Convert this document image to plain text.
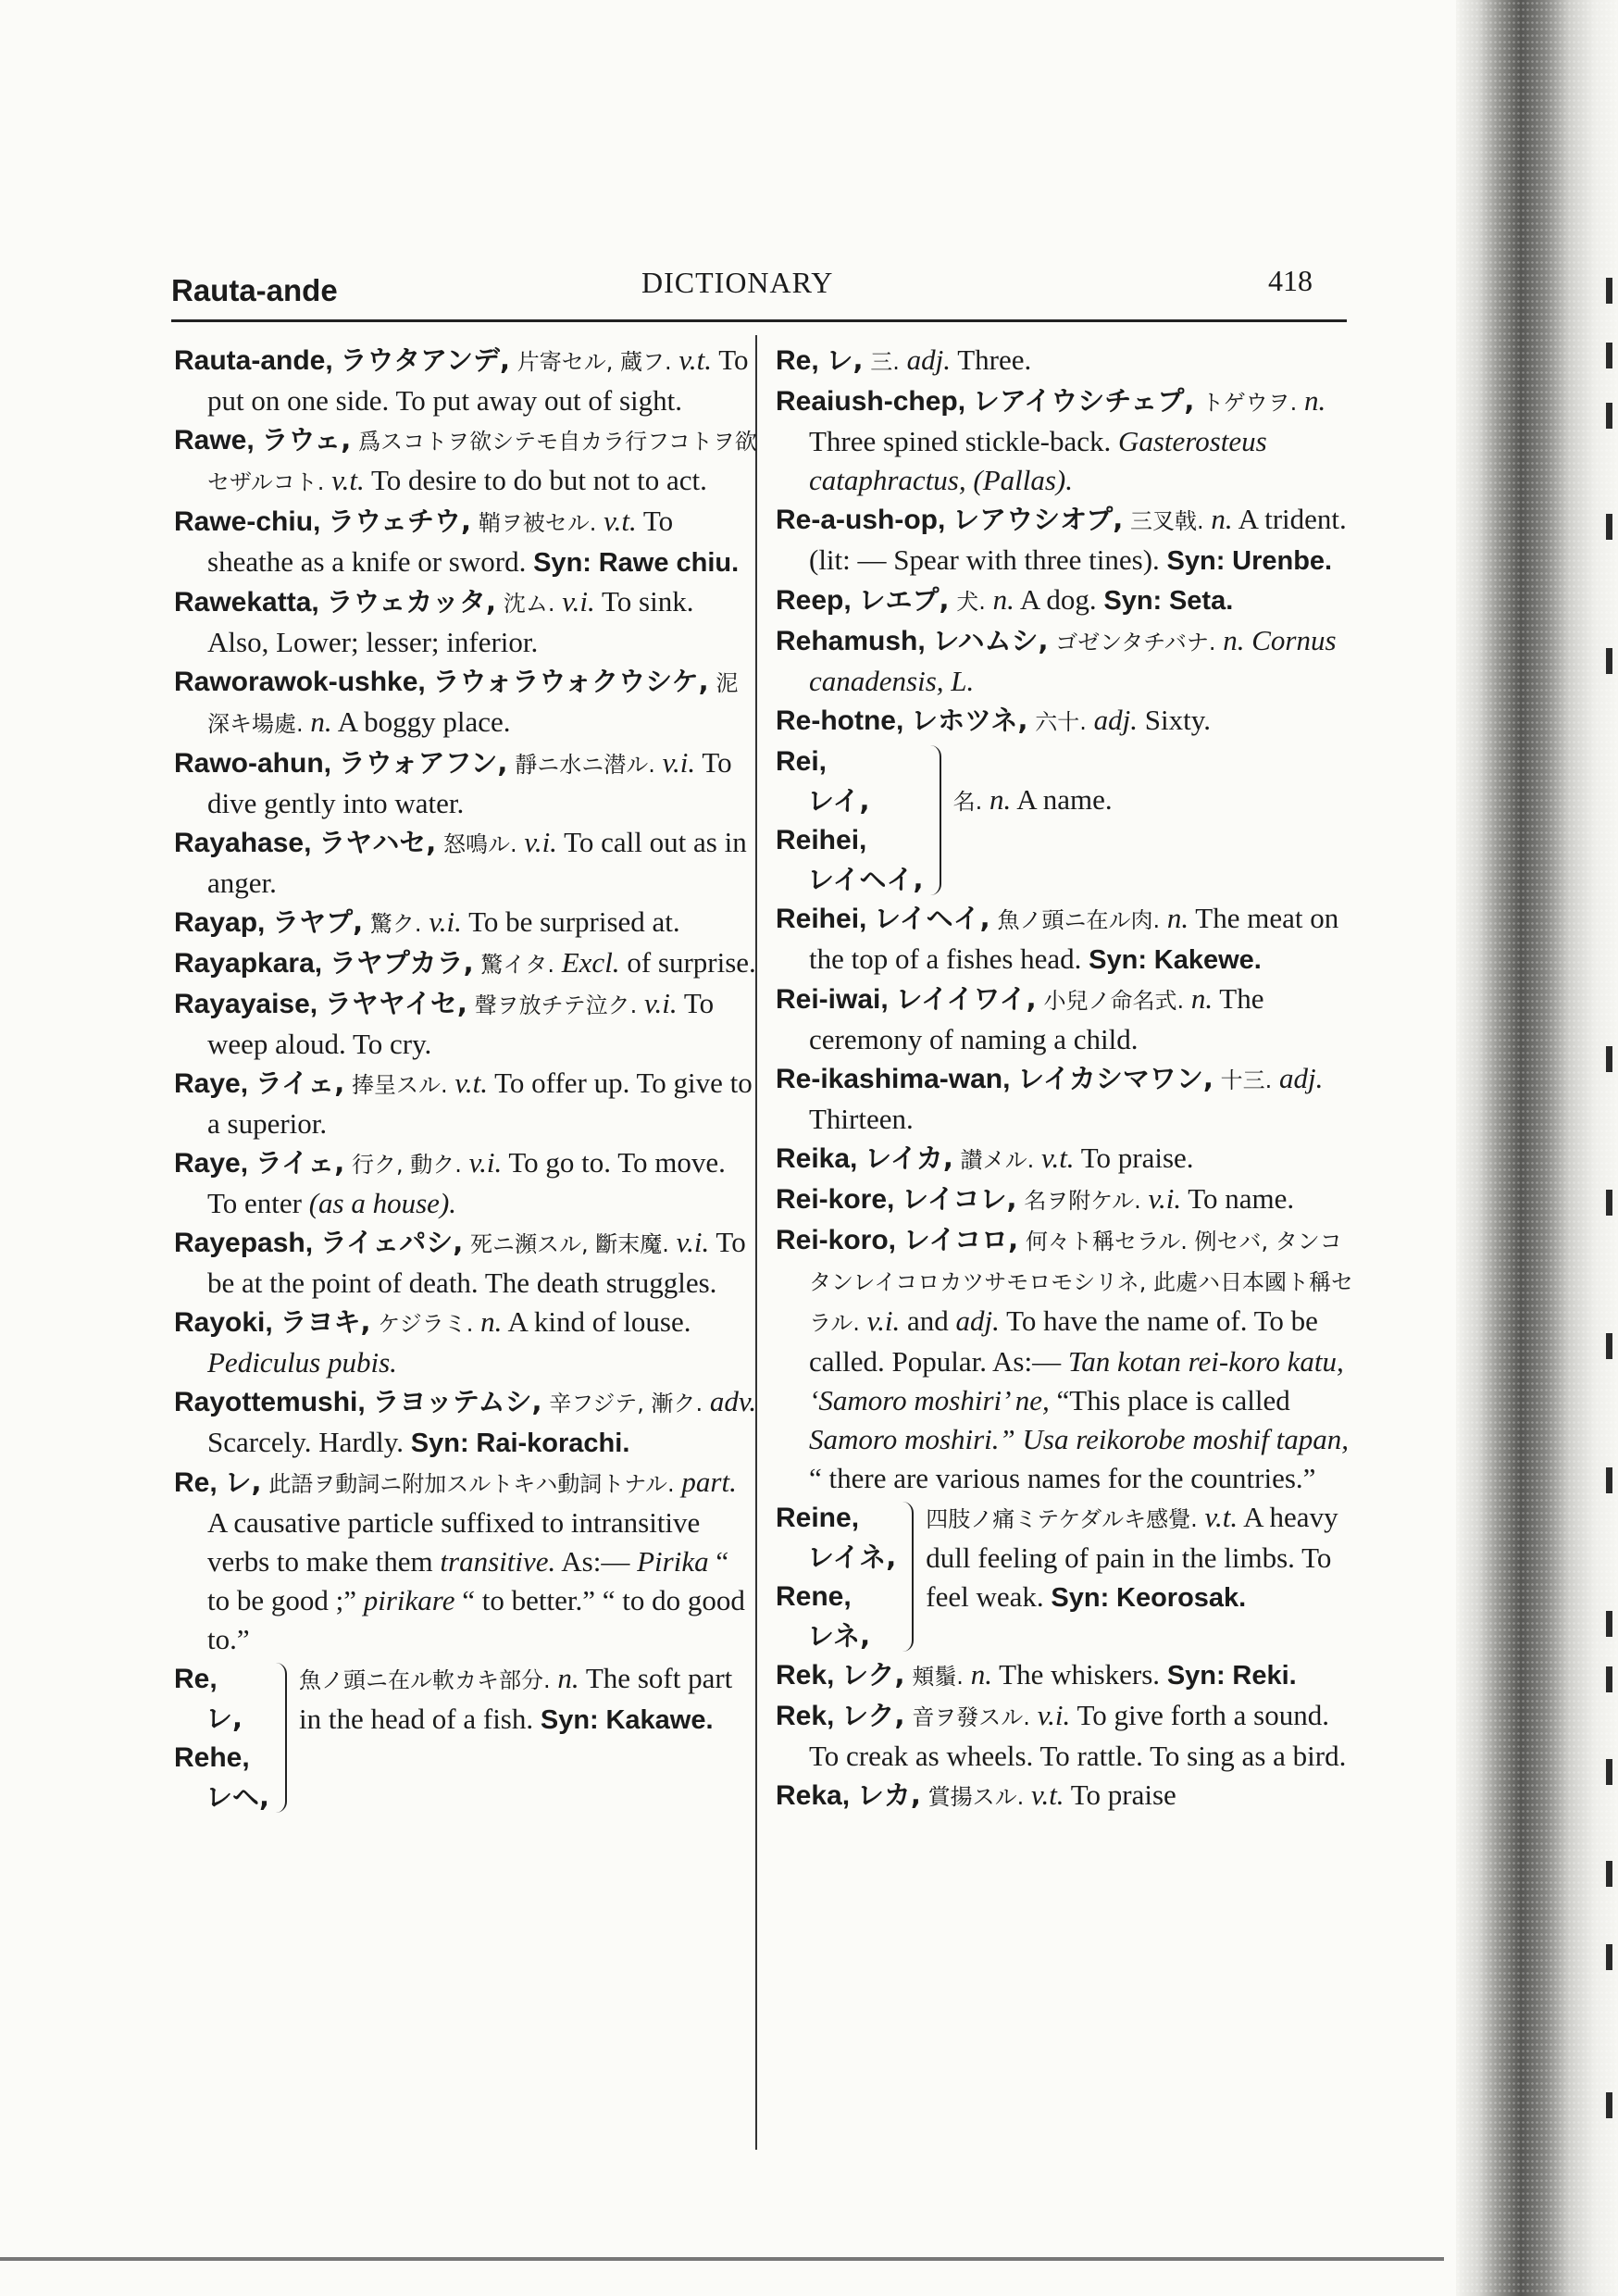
Rauta-ande	DICTIONARY	418

Rauta-ande, ラウタアンデ, 片寄セル, 蔵フ. v.t. To put on one side. To put away out of sight.

Rawe, ラウェ, 爲スコトヲ欲シテモ自カラ行フコトヲ欲セザルコト. v.t. To desire to do but not to act.

Rawe-chiu, ラウェチウ, 鞘ヲ被セル. v.t. To sheathe as a knife or sword. Syn: Rawe chiu.

Rawekatta, ラウェカッタ, 沈ム. v.i. To sink. Also, Lower; lesser; inferior.

Raworawok-ushke, ラウォラウォクウシケ, 泥深キ場處. n. A boggy place.

Rawo-ahun, ラウォアフン, 靜ニ水ニ潜ル. v.i. To dive gently into water.

Rayahase, ラヤハセ, 怒鳴ル. v.i. To call out as in anger.

Rayap, ラヤプ, 驚ク. v.i. To be surprised at.

Rayapkara, ラヤプカラ, 驚イタ. Excl. of surprise.

Rayayaise, ラヤヤイセ, 聲ヲ放チテ泣ク. v.i. To weep aloud. To cry.

Raye, ライェ, 捧呈スル. v.t. To offer up. To give to a superior.

Raye, ライェ, 行ク, 動ク. v.i. To go to. To move. To enter (as a house).

Rayepash, ライェパシ, 死ニ瀕スル, 斷末魔. v.i. To be at the point of death. The death struggles.

Rayoki, ラヨキ, ケジラミ. n. A kind of louse. Pediculus pubis.

Rayottemushi, ラヨッテムシ, 辛フジテ, 漸ク. adv. Scarcely. Hardly. Syn: Rai-korachi.

Re, レ, 此語ヲ動詞ニ附加スルトキハ動詞トナル. part. A causative particle suffixed to intransitive verbs to make them transitive. As:— Pirika “ to be good ;” pirikare “ to better.” “ to do good to.”

Re,
レ,
Rehe,
レヘ,
魚ノ頭ニ在ル軟カキ部分. n. The soft part in the head of a fish. Syn: Kakawe.

Re, レ, 三. adj. Three.

Reaiush-chep, レアイウシチェプ, トゲウヲ. n. Three spined stickle-back. Gasterosteus cataphractus, (Pallas).

Re-a-ush-op, レアウシオプ, 三叉戟. n. A trident. (lit: — Spear with three tines). Syn: Urenbe.

Reep, レエプ, 犬. n. A dog. Syn: Seta.

Rehamush, レハムシ, ゴゼンタチバナ. n. Cornus canadensis, L.

Re-hotne, レホツネ, 六十. adj. Sixty.

Rei,
レイ,
Reihei,
レイヘイ,
名. n. A name.

Reihei, レイヘイ, 魚ノ頭ニ在ル肉. n. The meat on the top of a fishes head. Syn: Kakewe.

Rei-iwai, レイイワイ, 小兒ノ命名式. n. The ceremony of naming a child.

Re-ikashima-wan, レイカシマワン, 十三. adj. Thirteen.

Reika, レイカ, 讃メル. v.t. To praise.

Rei-kore, レイコレ, 名ヲ附ケル. v.i. To name.

Rei-koro, レイコロ, 何々ト稱セラル. 例セバ, タンコタンレイコロカツサモロモシリネ, 此處ハ日本國ト稱セラル. v.i. and adj. To have the name of. To be called. Popular. As:— Tan kotan rei-koro katu, ‘Samoro moshiri’ ne, “This place is called Samoro moshiri.” Usa reikorobe moshif tapan, “ there are various names for the countries.”

Reine,
レイネ,
Rene,
レネ,
四肢ノ痛ミテケダルキ感覺. v.t. A heavy dull feeling of pain in the limbs. To feel weak. Syn: Keorosak.

Rek, レク, 頬鬚. n. The whiskers. Syn: Reki.

Rek, レク, 音ヲ發スル. v.i. To give forth a sound. To creak as wheels. To rattle. To sing as a bird.

Reka, レカ, 賞揚スル. v.t. To praise
